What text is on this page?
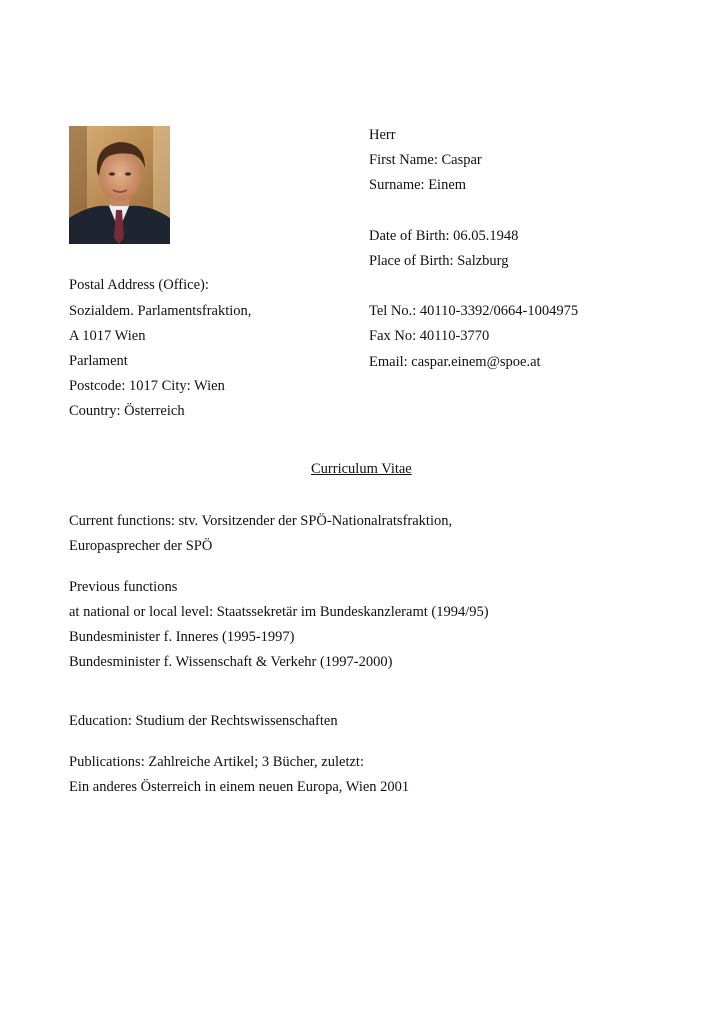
Herr
First Name: Caspar
Surname: Einem
Date of Birth: 06.05.1948
Place of Birth: Salzburg
Tel No.: 40110-3392/0664-1004975
Fax No: 40110-3770
Email: caspar.einem@spoe.at
Postal Address (Office):
Sozialdem. Parlamentsfraktion,
A 1017 Wien
Parlament
Postcode: 1017 City: Wien
Country: Österreich
Curriculum Vitae
Current functions: stv. Vorsitzender der SPÖ-Nationalratsfraktion,
Europasprecher der SPÖ
Previous functions
at national or local level: Staatssekretär im Bundeskanzleramt (1994/95)
Bundesminister f. Inneres (1995-1997)
Bundesminister f. Wissenschaft & Verkehr (1997-2000)
Education: Studium der Rechtswissenschaften
Publications: Zahlreiche Artikel; 3 Bücher, zuletzt:
Ein anderes Österreich in einem neuen Europa, Wien 2001
